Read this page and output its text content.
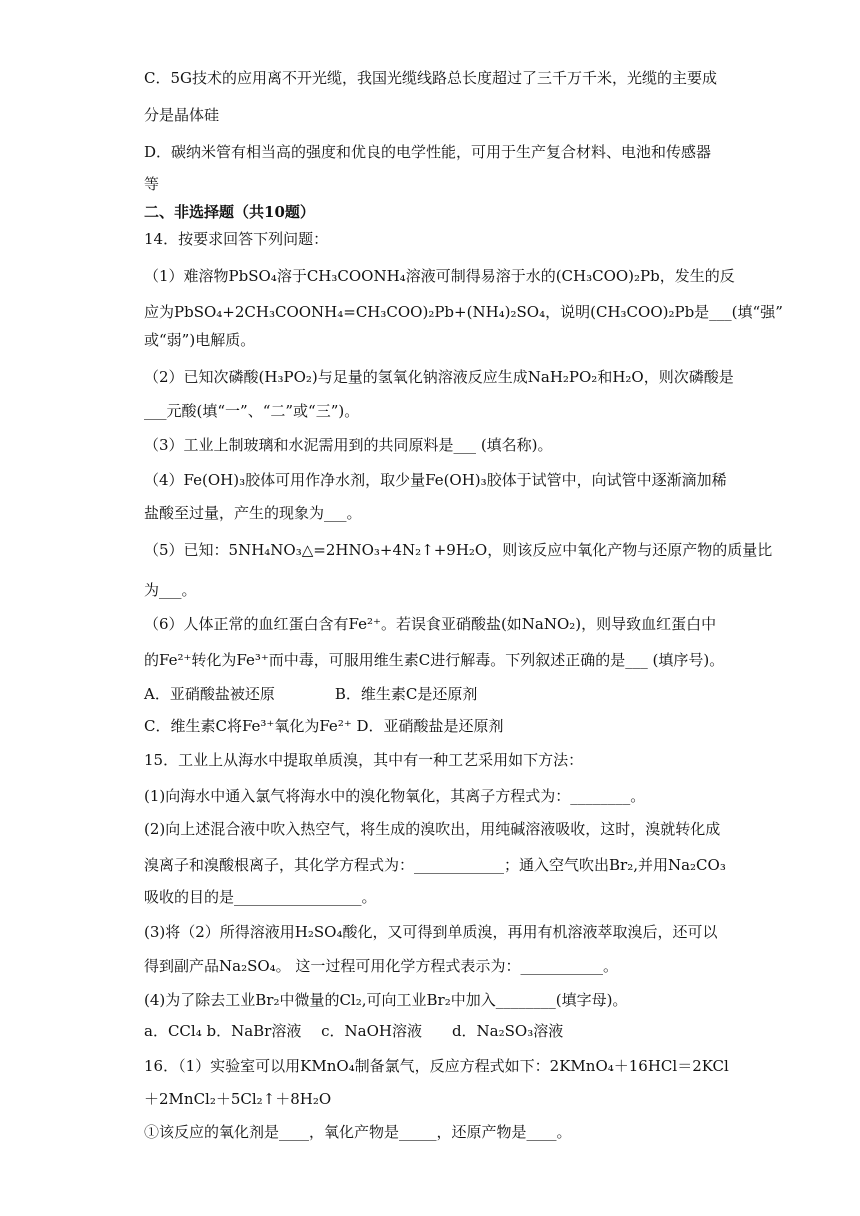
C．5G技术的应用离不开光缆，我国光缆线路总长度超过了三千万千米，光缆的主要成
分是晶体硅
D．碳纳米管有相当高的强度和优良的电学性能，可用于生产复合材料、电池和传感器
等
二、非选择题（共10题）
14．按要求回答下列问题：
（1）难溶物PbSO₄溶于CH₃COONH₄溶液可制得易溶于水的(CH₃COO)₂Pb，发生的反
应为PbSO₄+2CH₃COONH₄=CH₃COO)₂Pb+(NH₄)₂SO₄，说明(CH₃COO)₂Pb是___(填“强”
或“弱”)电解质。
（2）已知次磷酸(H₃PO₂)与足量的氢氧化钠溶液反应生成NaH₂PO₂和H₂O，则次磷酸是
___元酸(填“一”、“二”或“三”)。
（3）工业上制玻璃和水泥需用到的共同原料是___ (填名称)。
（4）Fe(OH)₃胶体可用作净水剂，取少量Fe(OH)₃胶体于试管中，向试管中逐渐滴加稀
盐酸至过量，产生的现象为___。
（5）已知：5NH₄NO₃△=2HNO₃+4N₂↑+9H₂O，则该反应中氧化产物与还原产物的质量比
为___。
（6）人体正常的血红蛋白含有Fe²⁺。若误食亚硝酸盐(如NaNO₂)，则导致血红蛋白中
的Fe²⁺转化为Fe³⁺而中毒，可服用维生素C进行解毒。下列叙述正确的是___ (填序号)。
A．亚硝酸盐被还原　　　　B．维生素C是还原剂
C．维生素C将Fe³⁺氧化为Fe²⁺ D．亚硝酸盐是还原剂
15．工业上从海水中提取单质溴，其中有一种工艺采用如下方法：
(1)向海水中通入氯气将海水中的溴化物氧化，其离子方程式为：________。
(2)向上述混合液中吹入热空气，将生成的溴吹出，用纯碱溶液吸收，这时，溴就转化成
溴离子和溴酸根离子，其化学方程式为：____________；通入空气吹出Br₂,并用Na₂CO₃
吸收的目的是_________________。
(3)将（2）所得溶液用H₂SO₄酸化，又可得到单质溴，再用有机溶液萃取溴后，还可以
得到副产品Na₂SO₄。 这一过程可用化学方程式表示为：___________。
(4)为了除去工业Br₂中微量的Cl₂,可向工业Br₂中加入________(填字母)。
a．CCl₄ b．NaBr溶液　 c．NaOH溶液　　d．Na₂SO₃溶液
16．（1）实验室可以用KMnO₄制备氯气，反应方程式如下：2KMnO₄＋16HCl＝2KCl
＋2MnCl₂＋5Cl₂↑＋8H₂O
①该反应的氧化剂是____，氧化产物是_____，还原产物是____。
